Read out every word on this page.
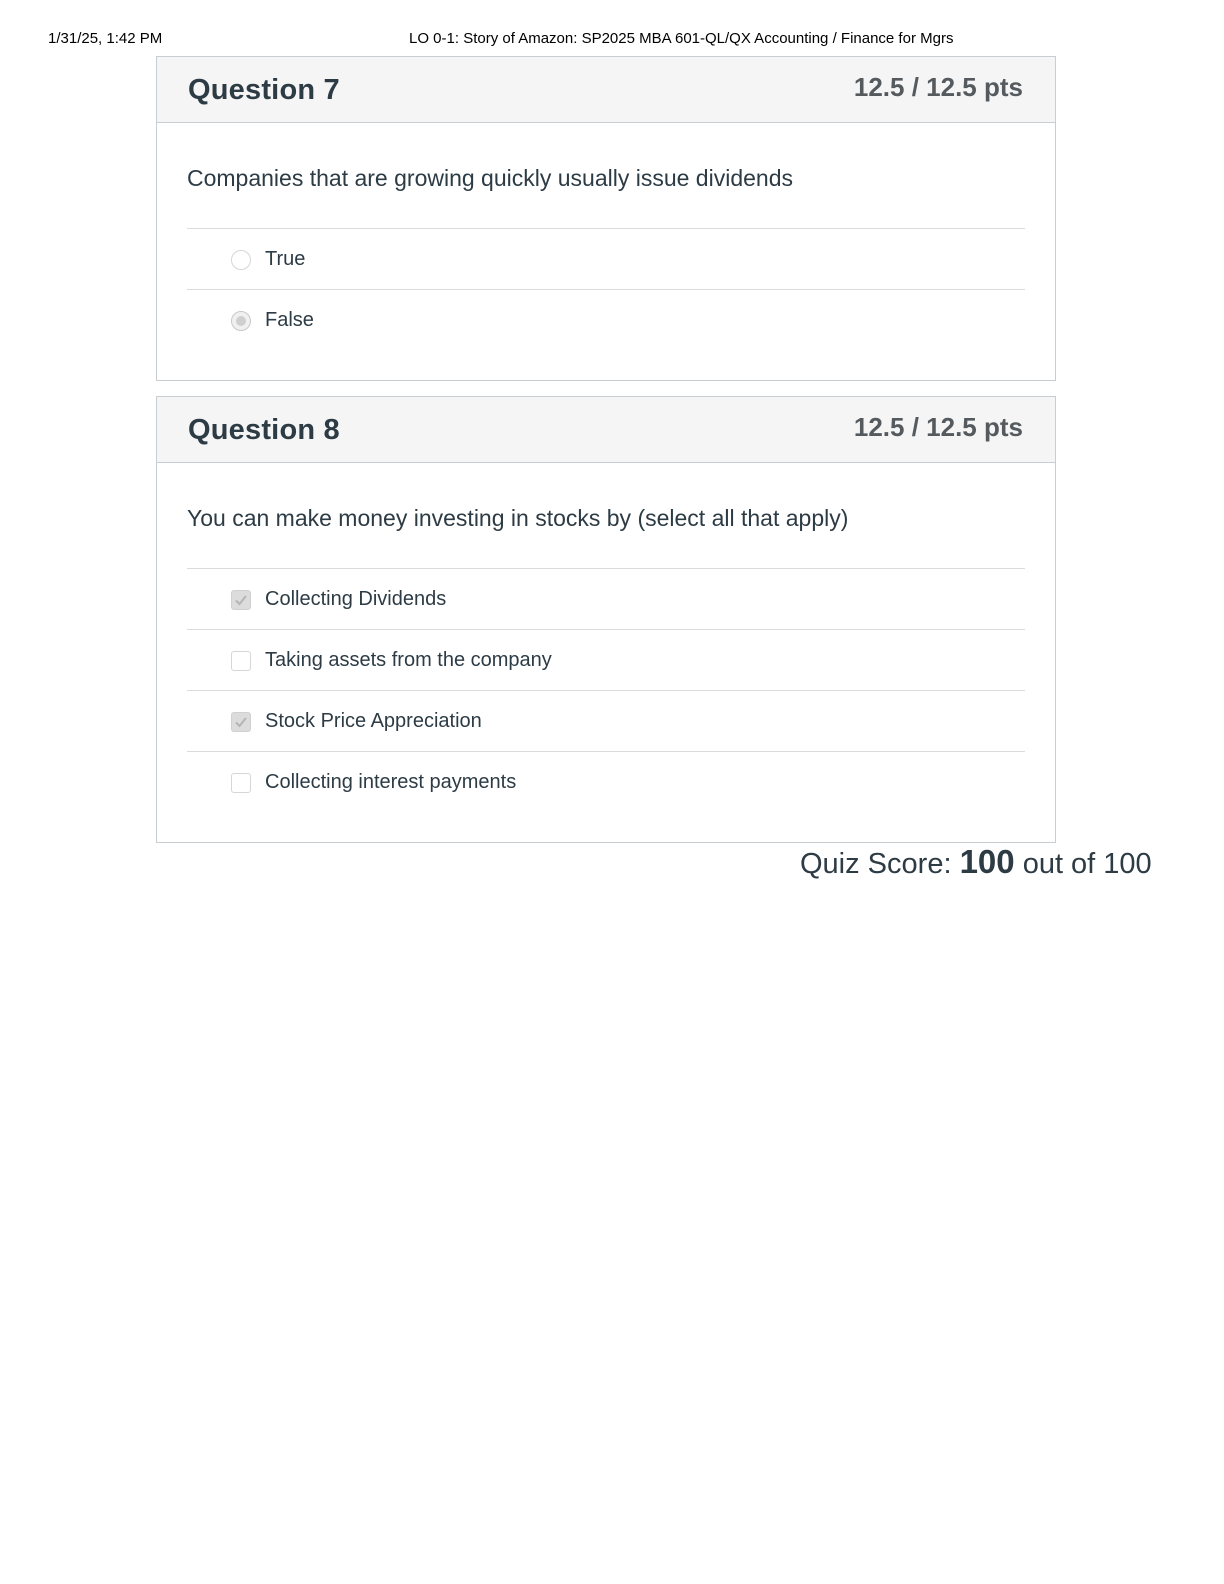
1/31/25, 1:42 PM	LO 0-1: Story of Amazon: SP2025 MBA 601-QL/QX Accounting / Finance for Mgrs
Question 7	12.5 / 12.5 pts
Companies that are growing quickly usually issue dividends
True
False
Question 8	12.5 / 12.5 pts
You can make money investing in stocks by (select all that apply)
Collecting Dividends
Taking assets from the company
Stock Price Appreciation
Collecting interest payments
Quiz Score: 100 out of 100
